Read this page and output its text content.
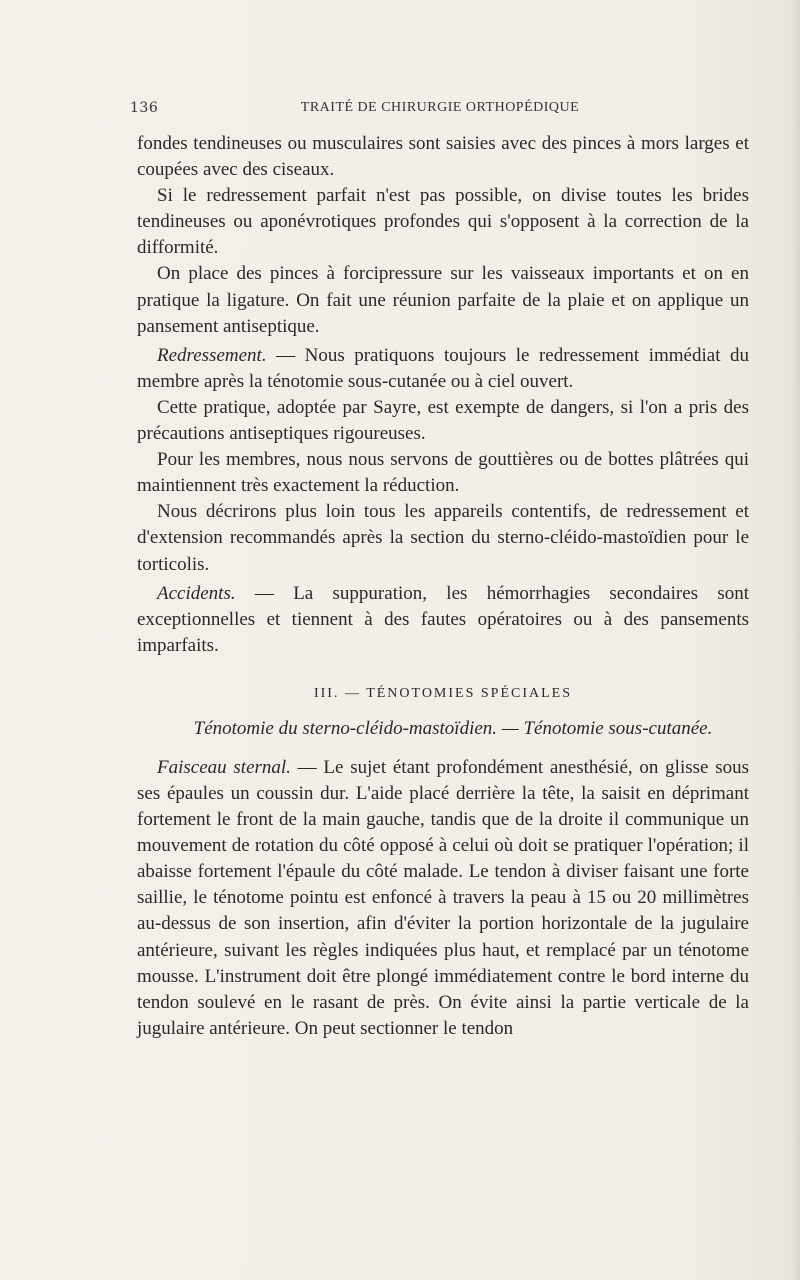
136	TRAITÉ DE CHIRURGIE ORTHOPÉDIQUE

fondes tendineuses ou musculaires sont saisies avec des pinces à mors larges et coupées avec des ciseaux.

Si le redressement parfait n'est pas possible, on divise toutes les brides tendineuses ou aponévrotiques profondes qui s'opposent à la correction de la difformité.

On place des pinces à forcipressure sur les vaisseaux importants et on en pratique la ligature. On fait une réunion parfaite de la plaie et on applique un pansement antiseptique.

Redressement. — Nous pratiquons toujours le redressement immédiat du membre après la ténotomie sous-cutanée ou à ciel ouvert.

Cette pratique, adoptée par Sayre, est exempte de dangers, si l'on a pris des précautions antiseptiques rigoureuses.

Pour les membres, nous nous servons de gouttières ou de bottes plâtrées qui maintiennent très exactement la réduction.

Nous décrirons plus loin tous les appareils contentifs, de redressement et d'extension recommandés après la section du sterno-cléido-mastoïdien pour le torticolis.

Accidents. — La suppuration, les hémorrhagies secondaires sont exceptionnelles et tiennent à des fautes opératoires ou à des pansements imparfaits.

III. — TÉNOTOMIES SPÉCIALES

Ténotomie du sterno-cléido-mastoïdien. — Ténotomie sous-cutanée.

Faisceau sternal. — Le sujet étant profondément anesthésié, on glisse sous ses épaules un coussin dur. L'aide placé derrière la tête, la saisit en déprimant fortement le front de la main gauche, tandis que de la droite il communique un mouvement de rotation du côté opposé à celui où doit se pratiquer l'opération; il abaisse fortement l'épaule du côté malade. Le tendon à diviser faisant une forte saillie, le ténotome pointu est enfoncé à travers la peau à 15 ou 20 millimètres au-dessus de son insertion, afin d'éviter la portion horizontale de la jugulaire antérieure, suivant les règles indiquées plus haut, et remplacé par un ténotome mousse. L'instrument doit être plongé immédiatement contre le bord interne du tendon soulevé en le rasant de près. On évite ainsi la partie verticale de la jugulaire antérieure. On peut sectionner le tendon
